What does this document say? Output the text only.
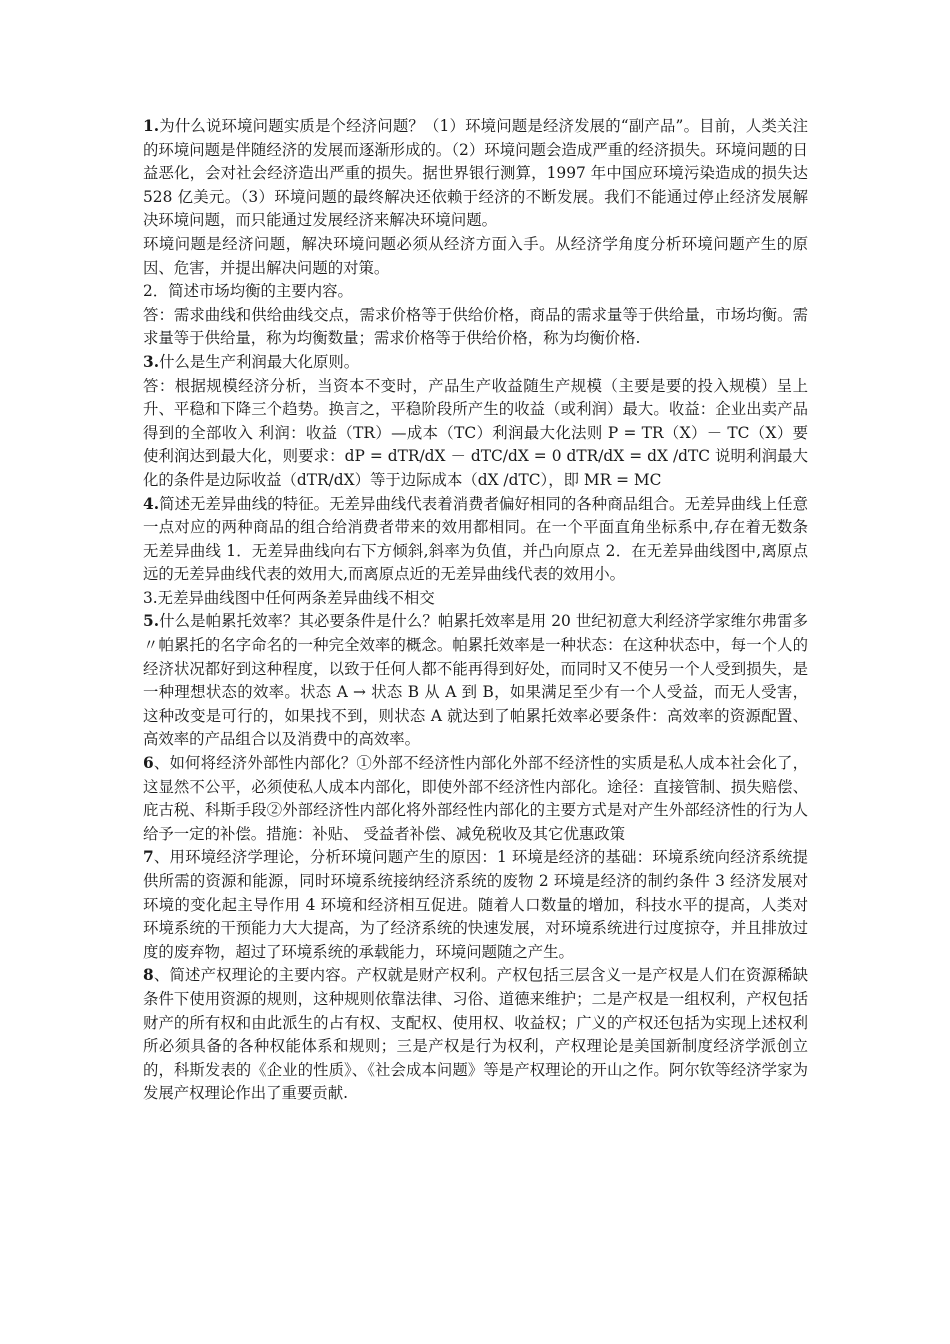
1.为什么说环境问题实质是个经济问题？（1）环境问题是经济发展的“副产品”。目前，人类关注的环境问题是伴随经济的发展而逐渐形成的。（2）环境问题会造成严重的经济损失。环境问题的日益恶化，会对社会经济造出严重的损失。据世界银行测算，1997 年中国应环境污染造成的损失达 528 亿美元。（3）环境问题的最终解决还依赖于经济的不断发展。我们不能通过停止经济发展解决环境问题，而只能通过发展经济来解决环境问题。

环境问题是经济问题，解决环境问题必须从经济方面入手。从经济学角度分析环境问题产生的原因、危害，并提出解决问题的对策。

2．简述市场均衡的主要内容。

答：需求曲线和供给曲线交点，需求价格等于供给价格，商品的需求量等于供给量，市场均衡。需求量等于供给量，称为均衡数量；需求价格等于供给价格，称为均衡价格.

3.什么是生产利润最大化原则。

答：根据规模经济分析，当资本不变时，产品生产收益随生产规模（主要是要的投入规模）呈上升、平稳和下降三个趋势。换言之，平稳阶段所产生的收益（或利润）最大。收益：企业出卖产品得到的全部收入 利润：收益（TR）—成本（TC）利润最大化法则 P = TR（X）－ TC（X）要使利润达到最大化，则要求：dP = dTR/dX － dTC/dX = 0 dTR/dX = dX /dTC 说明利润最大化的条件是边际收益（dTR/dX）等于边际成本（dX /dTC），即 MR = MC

4.简述无差异曲线的特征。无差异曲线代表着消费者偏好相同的各种商品组合。无差异曲线上任意一点对应的两种商品的组合给消费者带来的效用都相同。在一个平面直角坐标系中,存在着无数条无差异曲线 1．无差异曲线向右下方倾斜,斜率为负值，并凸向原点 2．在无差异曲线图中,离原点远的无差异曲线代表的效用大,而离原点近的无差异曲线代表的效用小。

3.无差异曲线图中任何两条差异曲线不相交

5.什么是帕累托效率？其必要条件是什么？帕累托效率是用 20 世纪初意大利经济学家维尔弗雷多〃帕累托的名字命名的一种完全效率的概念。帕累托效率是一种状态：在这种状态中，每一个人的经济状况都好到这种程度，以致于任何人都不能再得到好处，而同时又不使另一个人受到损失，是一种理想状态的效率。状态 A → 状态 B 从 A 到 B，如果满足至少有一个人受益，而无人受害，这种改变是可行的，如果找不到，则状态 A 就达到了帕累托效率必要条件：高效率的资源配置、高效率的产品组合以及消费中的高效率。

6、如何将经济外部性内部化？①外部不经济性内部化外部不经济性的实质是私人成本社会化了，这显然不公平，必须使私人成本内部化，即使外部不经济性内部化。途径：直接管制、损失赔偿、庇古税、科斯手段②外部经济性内部化将外部经性内部化的主要方式是对产生外部经济性的行为人给予一定的补偿。措施：补贴、 受益者补偿、减免税收及其它优惠政策

7、用环境经济学理论，分析环境问题产生的原因：1 环境是经济的基础：环境系统向经济系统提供所需的资源和能源，同时环境系统接纳经济系统的废物 2 环境是经济的制约条件 3 经济发展对环境的变化起主导作用 4 环境和经济相互促进。随着人口数量的增加，科技水平的提高，人类对环境系统的干预能力大大提高，为了经济系统的快速发展，对环境系统进行过度掠夺，并且排放过度的废弃物，超过了环境系统的承载能力，环境问题随之产生。

8、简述产权理论的主要内容。产权就是财产权利。产权包括三层含义一是产权是人们在资源稀缺条件下使用资源的规则，这种规则依靠法律、习俗、道德来维护；二是产权是一组权利，产权包括财产的所有权和由此派生的占有权、支配权、使用权、收益权；广义的产权还包括为实现上述权利所必须具备的各种权能体系和规则；三是产权是行为权利，产权理论是美国新制度经济学派创立的，科斯发表的《企业的性质》、《社会成本问题》等是产权理论的开山之作。阿尔钦等经济学家为发展产权理论作出了重要贡献.
